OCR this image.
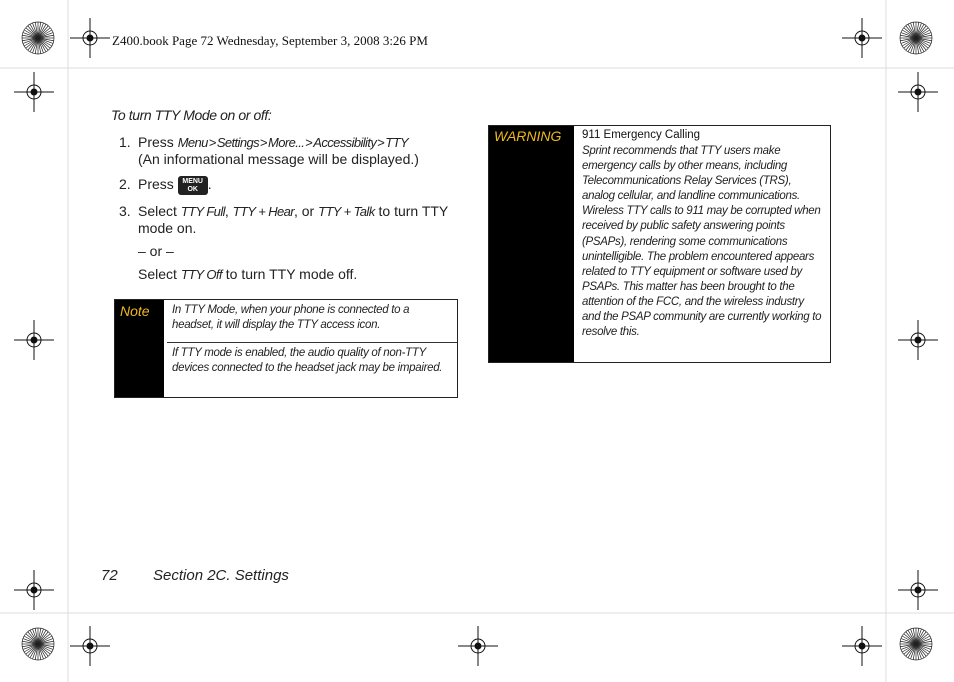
Z400.book Page 72 Wednesday, September 3, 2008 3:26 PM
To turn TTY Mode on or off:
1. Press Menu>Settings>More...>Accessibility>TTY
(An informational message will be displayed.)
2. Press MENU
OK .
3. Select TTY Full, TTY + Hear, or TTY + Talk to turn TTY mode on.
– or –
Select TTY Off to turn TTY mode off.
Note In TTY Mode, when your phone is connected to a headset, it will display the TTY access icon.
If TTY mode is enabled, the audio quality of non-TTY devices connected to the headset jack may be impaired.
WARNING 911 Emergency Calling
Sprint recommends that TTY users make emergency calls by other means, including Telecommunications Relay Services (TRS), analog cellular, and landline communications. Wireless TTY calls to 911 may be corrupted when received by public safety answering points (PSAPs), rendering some communications unintelligible. The problem encountered appears related to TTY equipment or software used by PSAPs. This matter has been brought to the attention of the FCC, and the wireless industry and the PSAP community are currently working to resolve this.
72 Section 2C. Settings
